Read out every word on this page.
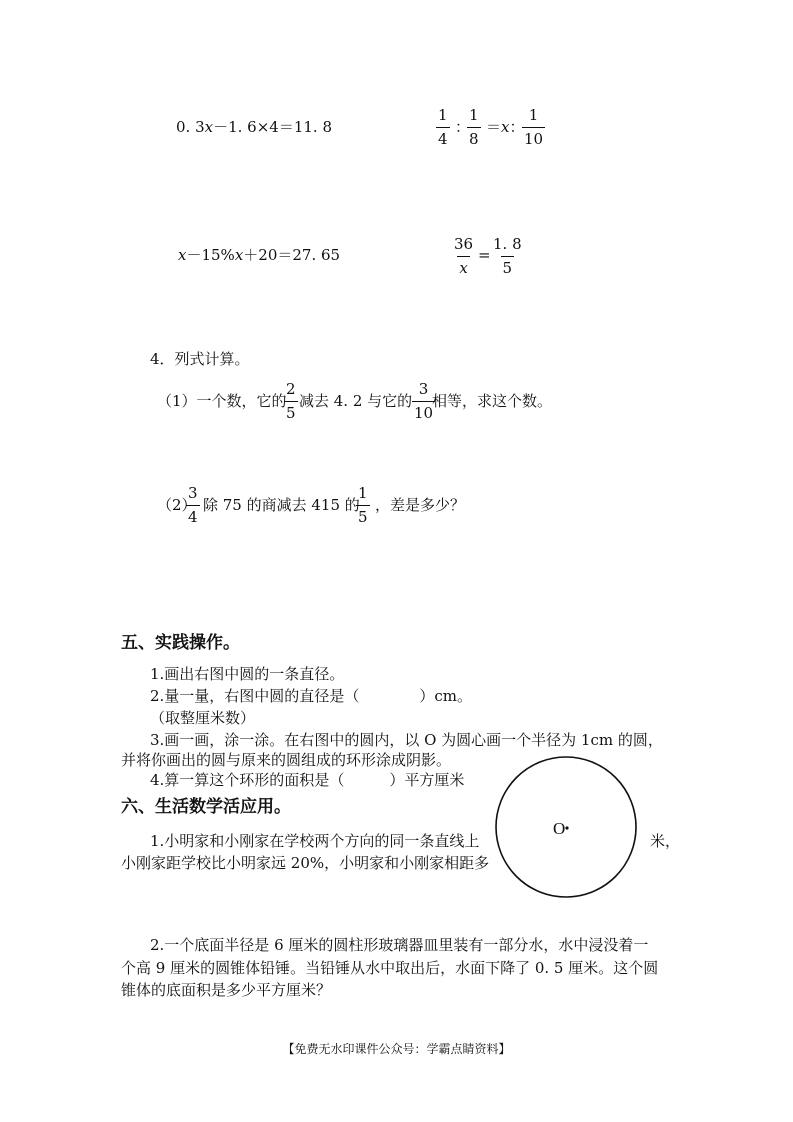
0. 3x－1. 6×4＝11. 8	$\frac{1}{4}$ ：
$\frac{1}{8} =x$：
$\frac{1}{10}$
x－15%x＋20＝27. 65	$\frac{36}{x} = \frac{1. 8}{5}$
4．列式计算。
（1）一个数，它的
$\frac{2}{5}$ 减去 4. 2 与它的 $\frac{3}{10}$
相等，求这个数。
（2）
$\frac{3}{4}$ 除 75 的商减去 415 的
$\frac{1}{5}$ ，差是多少？
五、实践操作。
1.画出右图中圆的一条直径。
2.量一量，右图中圆的直径是（　　　　）cm。
（取整厘米数）
3.画一画，涂一涂。在右图中的圆内，以 O 为圆心画一个半径为 1cm 的圆，
并将你画出的圆与原来的圆组成的环形涂成阴影。
4.算一算这个环形的面积是（　　　）平方厘米
六、生活数学活应用。
1.小明家和小刚家在学校两个方向的同一条直线上	米，
小刚家距学校比小明家远 20%，小明家和小刚家相距多
2.一个底面半径是 6 厘米的圆柱形玻璃器皿里装有一部分水，水中浸没着一
个高 9 厘米的圆锥体铅锤。当铅锤从水中取出后，水面下降了 0. 5 厘米。这个圆
锥体的底面积是多少平方厘米？
O
【免费无水印课件公众号：学霸点睛资料】
